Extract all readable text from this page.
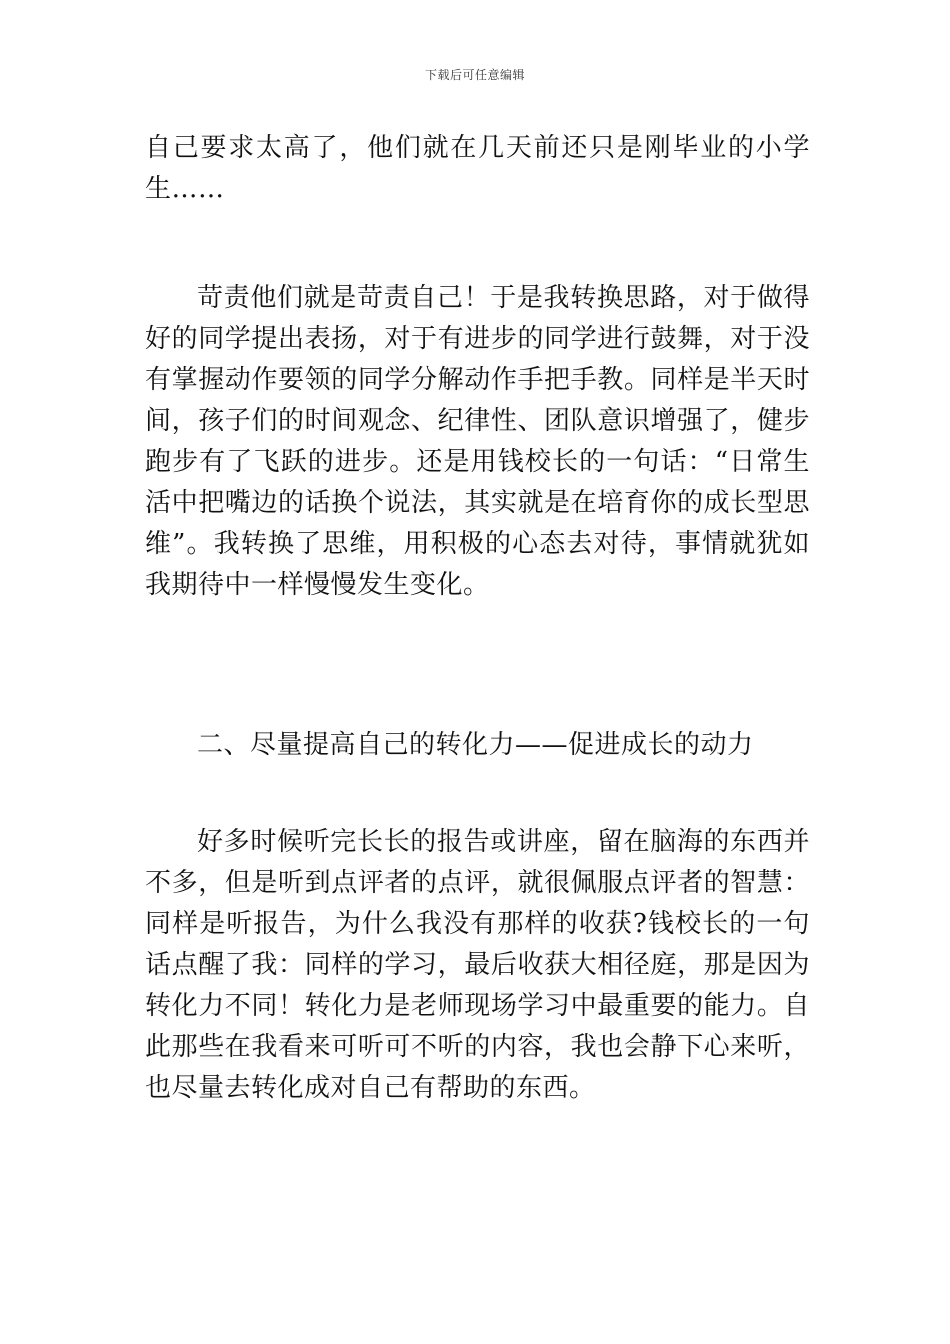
下载后可任意编辑

自己要求太高了，他们就在几天前还只是刚毕业的小学生……

苛责他们就是苛责自己！于是我转换思路，对于做得好的同学提出表扬，对于有进步的同学进行鼓舞，对于没有掌握动作要领的同学分解动作手把手教。同样是半天时间，孩子们的时间观念、纪律性、团队意识增强了，健步跑步有了飞跃的进步。还是用钱校长的一句话：“日常生活中把嘴边的话换个说法，其实就是在培育你的成长型思维”。我转换了思维，用积极的心态去对待，事情就犹如我期待中一样慢慢发生变化。

二、尽量提高自己的转化力——促进成长的动力

好多时候听完长长的报告或讲座，留在脑海的东西并不多，但是听到点评者的点评，就很佩服点评者的智慧：同样是听报告，为什么我没有那样的收获?钱校长的一句话点醒了我：同样的学习，最后收获大相径庭，那是因为转化力不同！转化力是老师现场学习中最重要的能力。自此那些在我看来可听可不听的内容，我也会静下心来听，也尽量去转化成对自己有帮助的东西。
